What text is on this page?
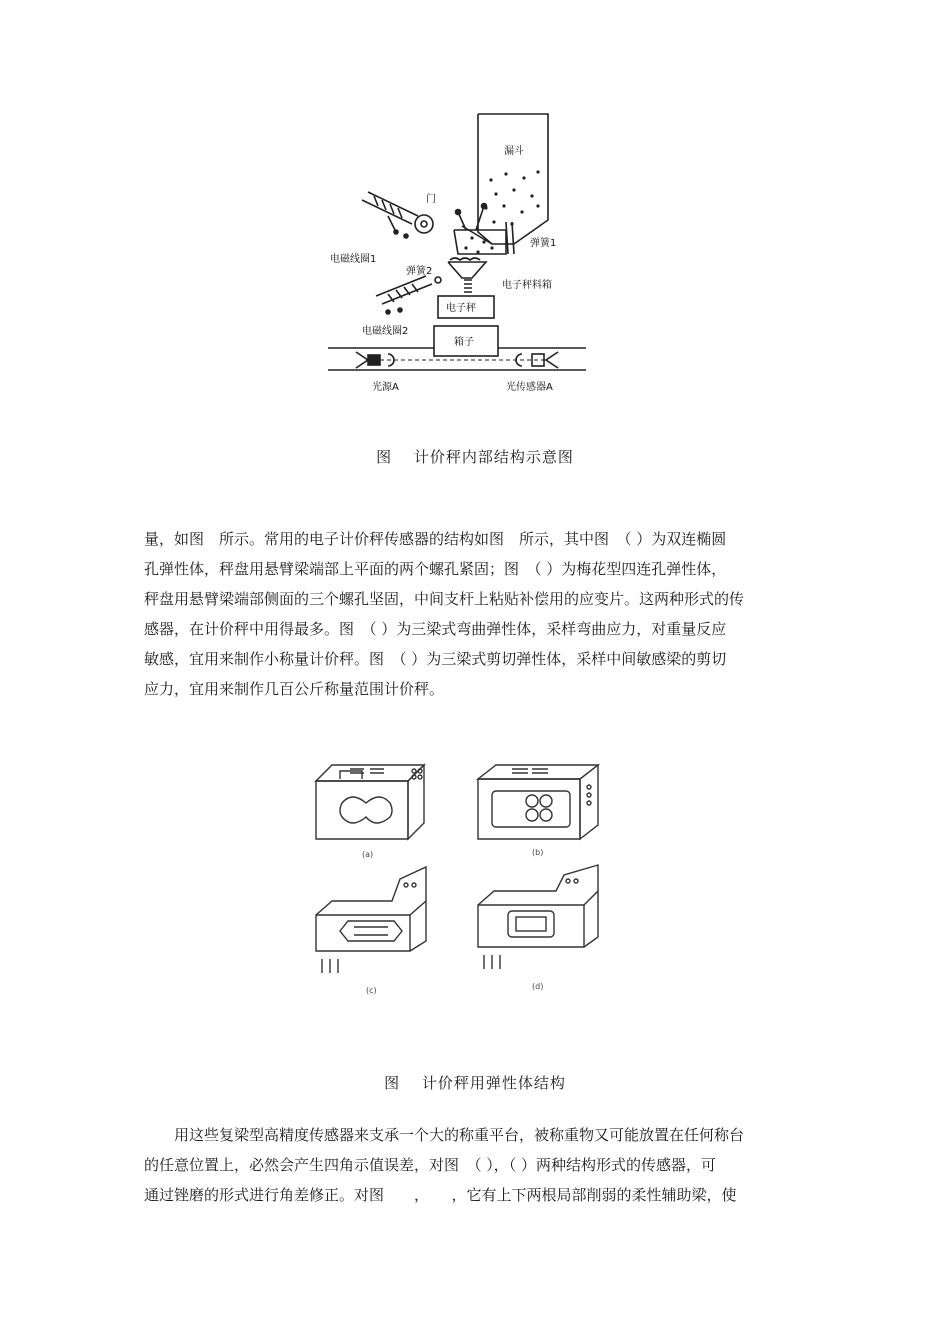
漏斗
门
电磁线圈1
弹簧1
弹簧2
电子秤料箱
电子秤
电磁线圈2
箱子
光源A	光传感器A
图　 计价秤内部结构示意图
量，如图　所示。常用的电子计价秤传感器的结构如图　所示，其中图　（ ）为双连椭圆
孔弹性体，秤盘用悬臂梁端部上平面的两个螺孔紧固；图　（ ）为梅花型四连孔弹性体，
秤盘用悬臂梁端部侧面的三个螺孔坚固，中间支杆上粘贴补偿用的应变片。这两种形式的传
感器，在计价秤中用得最多。图　（ ）为三梁式弯曲弹性体，采样弯曲应力，对重量反应
敏感，宜用来制作小称量计价秤。图　（ ）为三梁式剪切弹性体，采样中间敏感梁的剪切
应力，宜用来制作几百公斤称量范围计价秤。
(a)	(b)
(c)	(d)
图　 计价秤用弹性体结构
用这些复梁型高精度传感器来支承一个大的称重平台，被称重物又可能放置在任何称台
的任意位置上，必然会产生四角示值误差，对图　（ ），（ ）两种结构形式的传感器，可
通过锉磨的形式进行角差修正。对图　　，　　，它有上下两根局部削弱的柔性辅助梁，使
